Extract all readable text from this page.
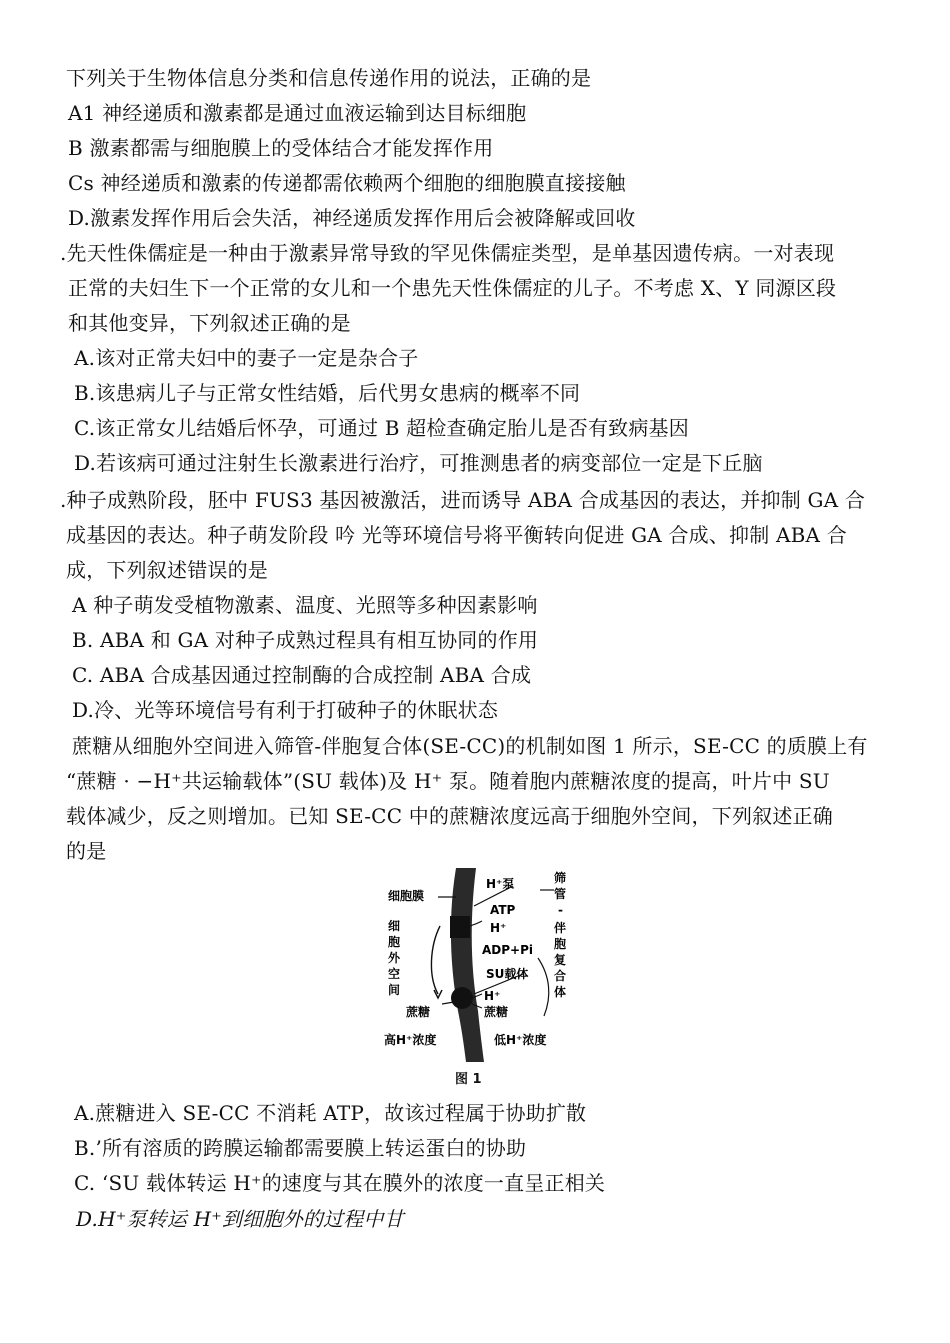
下列关于生物体信息分类和信息传递作用的说法，正确的是
A1 神经递质和激素都是通过血液运输到达目标细胞
B 激素都需与细胞膜上的受体结合才能发挥作用
Cs 神经递质和激素的传递都需依赖两个细胞的细胞膜直接接触
D.激素发挥作用后会失活，神经递质发挥作用后会被降解或回收
.先天性侏儒症是一种由于激素异常导致的罕见侏儒症类型，是单基因遗传病。一对表现
正常的夫妇生下一个正常的女儿和一个患先天性侏儒症的儿子。不考虑 X、Y 同源区段
和其他变异，下列叙述正确的是
A.该对正常夫妇中的妻子一定是杂合子
B.该患病儿子与正常女性结婚，后代男女患病的概率不同
C.该正常女儿结婚后怀孕，可通过 B 超检查确定胎儿是否有致病基因
D.若该病可通过注射生长激素进行治疗，可推测患者的病变部位一定是下丘脑
.种子成熟阶段，胚中 FUS3 基因被激活，进而诱导 ABA 合成基因的表达，并抑制 GA 合
成基因的表达。种子萌发阶段 吟 光等环境信号将平衡转向促进 GA 合成、抑制 ABA 合
成，下列叙述错误的是
A 种子萌发受植物激素、温度、光照等多种因素影响
B. ABA 和 GA 对种子成熟过程具有相互协同的作用
C. ABA 合成基因通过控制酶的合成控制 ABA 合成
D.冷、光等环境信号有利于打破种子的休眠状态
蔗糖从细胞外空间进入筛管-伴胞复合体(SE-CC)的机制如图 1 所示，SE-CC 的质膜上有
“蔗糖 · −H⁺共运输载体”(SU 载体)及 H⁺ 泵。随着胞内蔗糖浓度的提高，叶片中 SU
载体减少，反之则增加。已知 SE-CC 中的蔗糖浓度远高于细胞外空间，下列叙述正确
的是
细胞膜
细
胞
外
空
间
蔗糖
高H⁺浓度
H⁺泵
ATP
H⁺
ADP+Pi
SU载体
H⁺
蔗糖
低H⁺浓度
筛
管
-
伴
胞
复
合
体
图 1
A.蔗糖进入 SE-CC 不消耗 ATP，故该过程属于协助扩散
B.’所有溶质的跨膜运输都需要膜上转运蛋白的协助
C. ‘SU 载体转运 H⁺的速度与其在膜外的浓度一直呈正相关
D.H⁺泵转运 H⁺到细胞外的过程中甘
